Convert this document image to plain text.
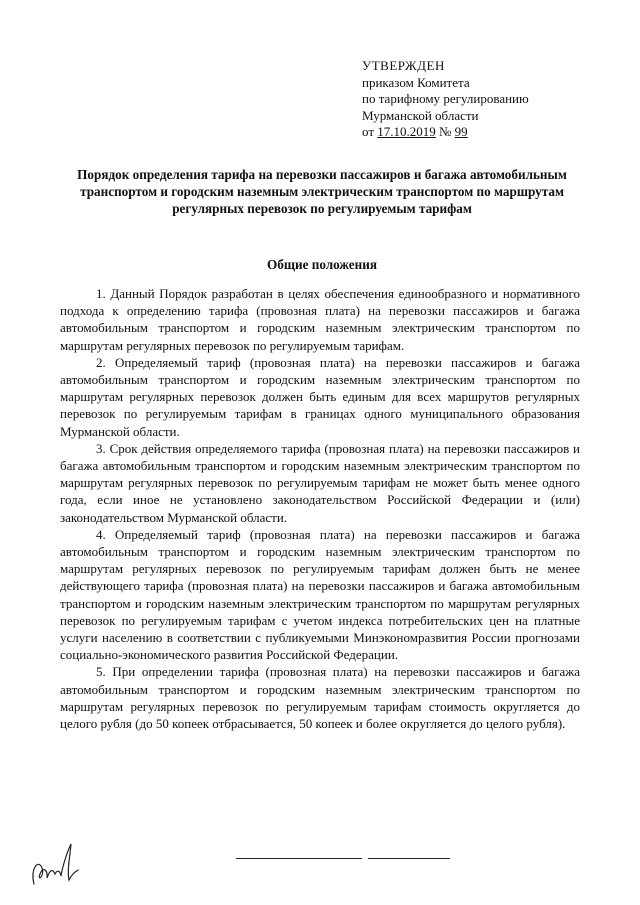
УТВЕРЖДЕН
приказом Комитета
по тарифному регулированию
Мурманской области
от 17.10.2019 № 99
Порядок определения тарифа на перевозки пассажиров и багажа автомобильным транспортом и городским наземным электрическим транспортом по маршрутам регулярных перевозок по регулируемым тарифам
Общие положения

1. Данный Порядок разработан в целях обеспечения единообразного и нормативного подхода к определению тарифа (провозная плата) на перевозки пассажиров и багажа автомобильным транспортом и городским наземным электрическим транспортом по маршрутам регулярных перевозок по регулируемым тарифам.

2. Определяемый тариф (провозная плата) на перевозки пассажиров и багажа автомобильным транспортом и городским наземным электрическим транспортом по маршрутам регулярных перевозок должен быть единым для всех маршрутов регулярных перевозок по регулируемым тарифам в границах одного муниципального образования Мурманской области.

3. Срок действия определяемого тарифа (провозная плата) на перевозки пассажиров и багажа автомобильным транспортом и городским наземным электрическим транспортом по маршрутам регулярных перевозок по регулируемым тарифам не может быть менее одного года, если иное не установлено законодательством Российской Федерации и (или) законодательством Мурманской области.

4. Определяемый тариф (провозная плата) на перевозки пассажиров и багажа автомобильным транспортом и городским наземным электрическим транспортом по маршрутам регулярных перевозок по регулируемым тарифам должен быть не менее действующего тарифа (провозная плата) на перевозки пассажиров и багажа автомобильным транспортом и городским наземным электрическим транспортом по маршрутам регулярных перевозок по регулируемым тарифам с учетом индекса потребительских цен на платные услуги населению в соответствии с публикуемыми Минэкономразвития России прогнозами социально-экономического развития Российской Федерации.

5. При определении тарифа (провозная плата) на перевозки пассажиров и багажа автомобильным транспортом и городским наземным электрическим транспортом по маршрутам регулярных перевозок по регулируемым тарифам стоимость округляется до целого рубля (до 50 копеек отбрасывается, 50 копеек и более округляется до целого рубля).
